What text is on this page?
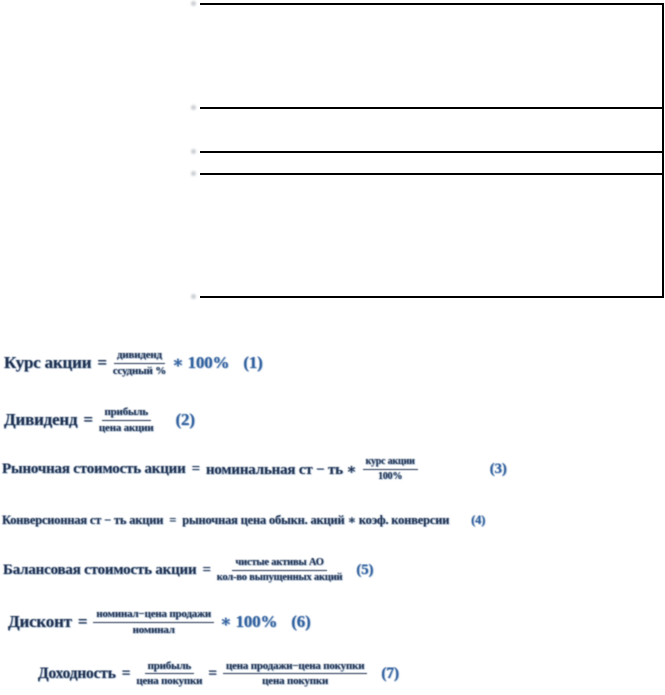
Курс акции = $\frac{\text{дивиденд}}{\text{ссудный \%}}$ ∗ 100% (1)
Дивиденд = $\frac{\text{прибыль}}{\text{цена акции}} (2)$
Рыночная стоимость акции = номинальная ст − ть ∗ $\frac{\text{курс акции}}{100\%}$	(3)
Конверсионная ст − ть акции = рыночная цена обыкн. акций ∗ коэф. конверсии (4)
Балансовая стоимость акции = $\frac{\text{чистые активы АО}}{\text{кол-во выпущенных акций}} (5)$
Дисконт = $\frac{\text{номинал−цена продажи}}{\text{номинал}}$ ∗ 100% (6)
Доходность = $\frac{\text{прибыль}}{\text{цена покупки}} = \frac{\text{цена продажи−цена покупки}}{\text{цена покупки}} (7)$
